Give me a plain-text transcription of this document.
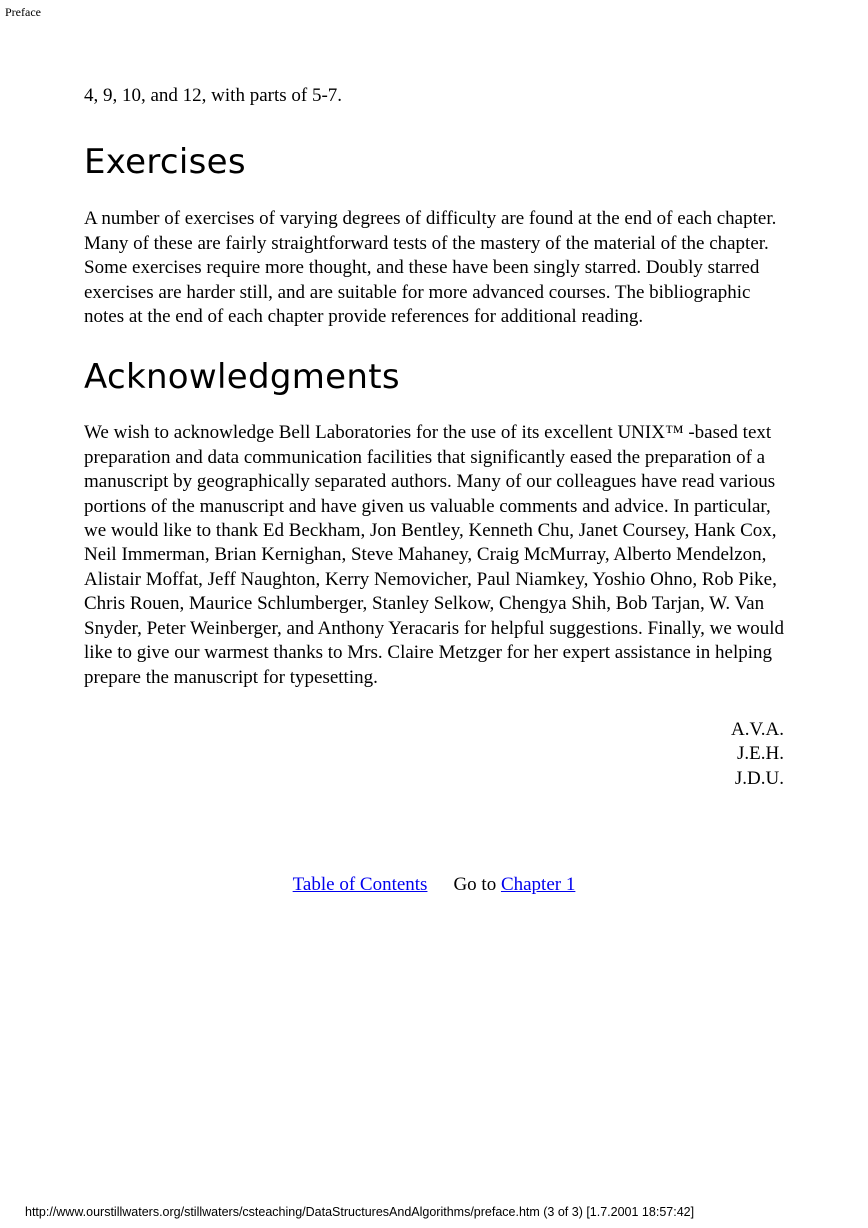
Preface

4, 9, 10, and 12, with parts of 5-7.

Exercises

A number of exercises of varying degrees of difficulty are found at the end of each chapter. Many of these are fairly straightforward tests of the mastery of the material of the chapter. Some exercises require more thought, and these have been singly starred. Doubly starred exercises are harder still, and are suitable for more advanced courses. The bibliographic notes at the end of each chapter provide references for additional reading.

Acknowledgments

We wish to acknowledge Bell Laboratories for the use of its excellent UNIX™ -based text preparation and data communication facilities that significantly eased the preparation of a manuscript by geographically separated authors. Many of our colleagues have read various portions of the manuscript and have given us valuable comments and advice. In particular, we would like to thank Ed Beckham, Jon Bentley, Kenneth Chu, Janet Coursey, Hank Cox, Neil Immerman, Brian Kernighan, Steve Mahaney, Craig McMurray, Alberto Mendelzon, Alistair Moffat, Jeff Naughton, Kerry Nemovicher, Paul Niamkey, Yoshio Ohno, Rob Pike, Chris Rouen, Maurice Schlumberger, Stanley Selkow, Chengya Shih, Bob Tarjan, W. Van Snyder, Peter Weinberger, and Anthony Yeracaris for helpful suggestions. Finally, we would like to give our warmest thanks to Mrs. Claire Metzger for her expert assistance in helping prepare the manuscript for typesetting.

A.V.A.
J.E.H.
J.D.U.
Table of Contents Go to Chapter 1
http://www.ourstillwaters.org/stillwaters/csteaching/DataStructuresAndAlgorithms/preface.htm (3 of 3) [1.7.2001 18:57:42]
